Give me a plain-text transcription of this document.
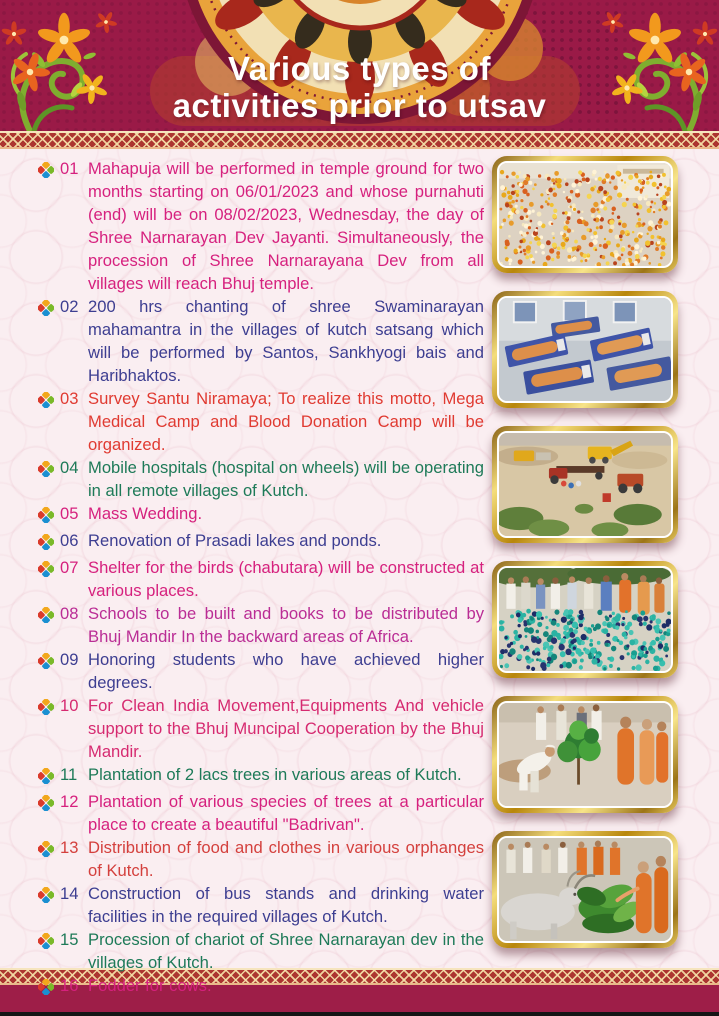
Various types of
activities prior to utsav
01 Mahapuja will be performed in temple ground for two months starting on 06/01/2023 and whose purnahuti (end) will be on 08/02/2023, Wednesday, the day of Shree Narnarayan Dev Jayanti. Simultaneously, the procession of Shree Narnarayana Dev from all villages will reach Bhuj temple.
02 200 hrs chanting of shree Swaminarayan mahamantra in the villages of kutch satsang which will be performed by Santos, Sankhyogi bais and Haribhaktos.
03 Survey Santu Niramaya; To realize this motto, Mega Medical Camp and Blood Donation Camp will be organized.
04 Mobile hospitals (hospital on wheels) will be operating in all remote villages of Kutch.
05 Mass Wedding.
06 Renovation of Prasadi lakes and ponds.
07 Shelter for the birds (chabutara) will be constructed at various places.
08 Schools to be built and books to be distributed by Bhuj Mandir In the backward areas of Africa.
09 Honoring students who have achieved higher degrees.
10 For Clean India Movement,Equipments And vehicle support to the Bhuj Muncipal Cooperation by the Bhuj Mandir.
11 Plantation of 2 lacs trees in various areas of Kutch.
12 Plantation of various species of trees at a particular place to create a beautiful "Badrivan".
13 Distribution of food and clothes in various orphanges of Kutch.
14 Construction of bus stands and drinking water facilities in the required villages of Kutch.
15 Procession of chariot of Shree Narnarayan dev in the villages of Kutch.
16 Fodder for cows.
